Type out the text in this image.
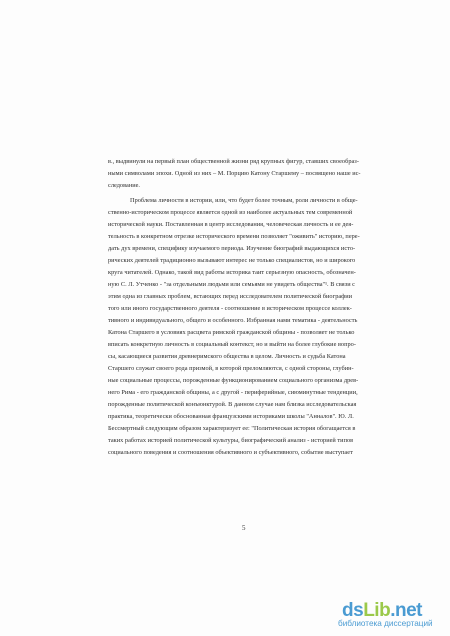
в., выдвинули на первый план общественной жизни ряд крупных фигур, ставших своеобраз-
ными символами эпохи. Одной из них – М. Порцию Катону Старшему – посвящено наше ис-
следование.
Проблема личности в истории, или, что будет более точным, роли личности в обще-
ственно-историческом процессе является одной из наиболее актуальных тем современной
исторической науки. Поставленная в центр исследования, человеческая личность и ее дея-
тельность в конкретном отрезке исторического времени позволяет "оживить" историю, пере-
дать дух времени, специфику изучаемого периода. Изучение биографий выдающихся исто-
рических деятелей традиционно вызывают интерес не только специалистов, но и широкого
круга читателей. Однако, такой вид работы историка таит серьезную опасность, обозначен-
ную С. Л. Утченко - "за отдельными людьми или семьями не увидеть общества"¹. В связи с
этим одна из главных проблем, встающих перед исследователем политической биографии
того или иного государственного деятеля - соотношение в историческом процессе коллек-
тивного и индивидуального, общего и особенного. Избранная нами тематика - деятельность
Катона Старшего в условиях расцвета римской гражданской общины - позволяет не только
вписать конкретную личность в социальный контекст, но и выйти на более глубокие вопро-
сы, касающиеся развития древнеримского общества в целом. Личность и судьба Катона
Старшего служат своего рода призмой, в которой преломляются, с одной стороны, глубин-
ные социальные процессы, порожденные функционированием социального организма древ-
него Рима - его гражданской общины, а с другой - периферийные, сиюминутные тенденции,
порожденные политической конъюнктурой. В данном случае нам близка исследовательская
практика, теоретически обоснованная французскими историками школы "Анналов". Ю. Л.
Бессмертный следующим образом характеризует ее: "Политическая история обогащается в
таких работах историей политической культуры, биографический анализ - историей типов
социального поведения и соотношения объективного и субъективного, событие выступает
5
dsLib.net
библиотека диссертаций
